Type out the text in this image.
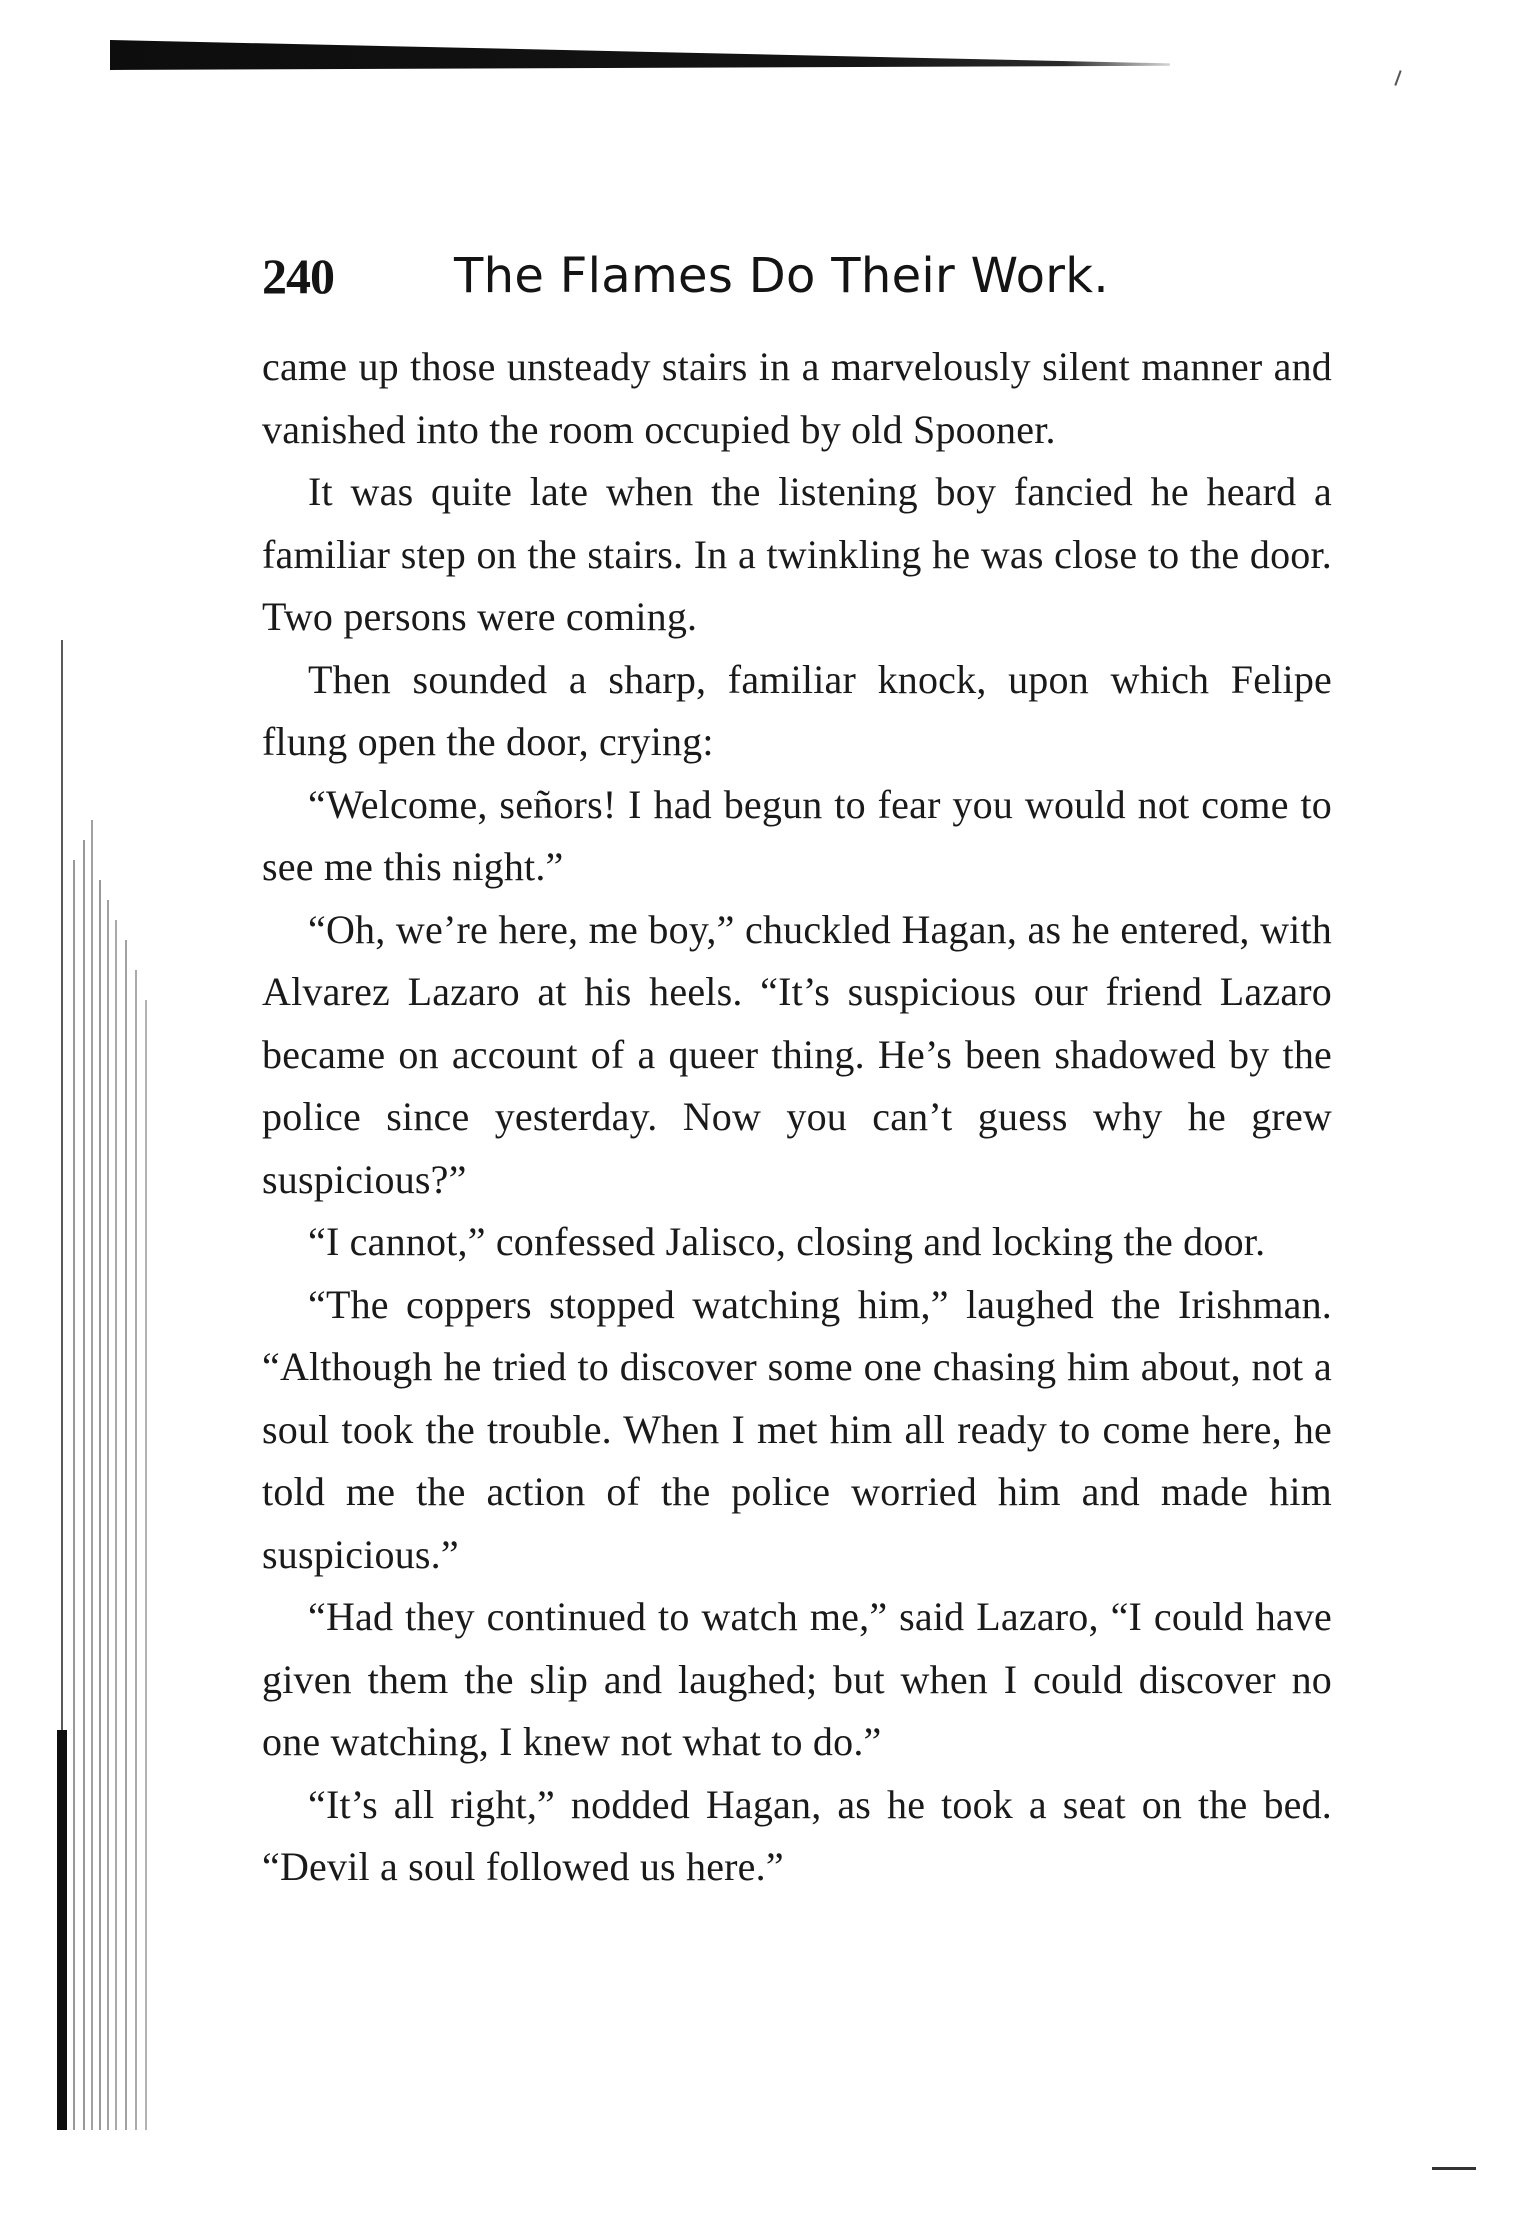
240	The Flames Do Their Work.

came up those unsteady stairs in a marvelously silent manner and vanished into the room occupied by old Spooner.

It was quite late when the listening boy fancied he heard a familiar step on the stairs. In a twinkling he was close to the door. Two persons were coming.

Then sounded a sharp, familiar knock, upon which Felipe flung open the door, crying:

“Welcome, señors! I had begun to fear you would not come to see me this night.”

“Oh, we’re here, me boy,” chuckled Hagan, as he entered, with Alvarez Lazaro at his heels. “It’s suspicious our friend Lazaro became on account of a queer thing. He’s been shadowed by the police since yesterday. Now you can’t guess why he grew suspicious?”

“I cannot,” confessed Jalisco, closing and locking the door.

“The coppers stopped watching him,” laughed the Irishman. “Although he tried to discover some one chasing him about, not a soul took the trouble. When I met him all ready to come here, he told me the action of the police worried him and made him suspicious.”

“Had they continued to watch me,” said Lazaro, “I could have given them the slip and laughed; but when I could discover no one watching, I knew not what to do.”

“It’s all right,” nodded Hagan, as he took a seat on the bed. “Devil a soul followed us here.”
